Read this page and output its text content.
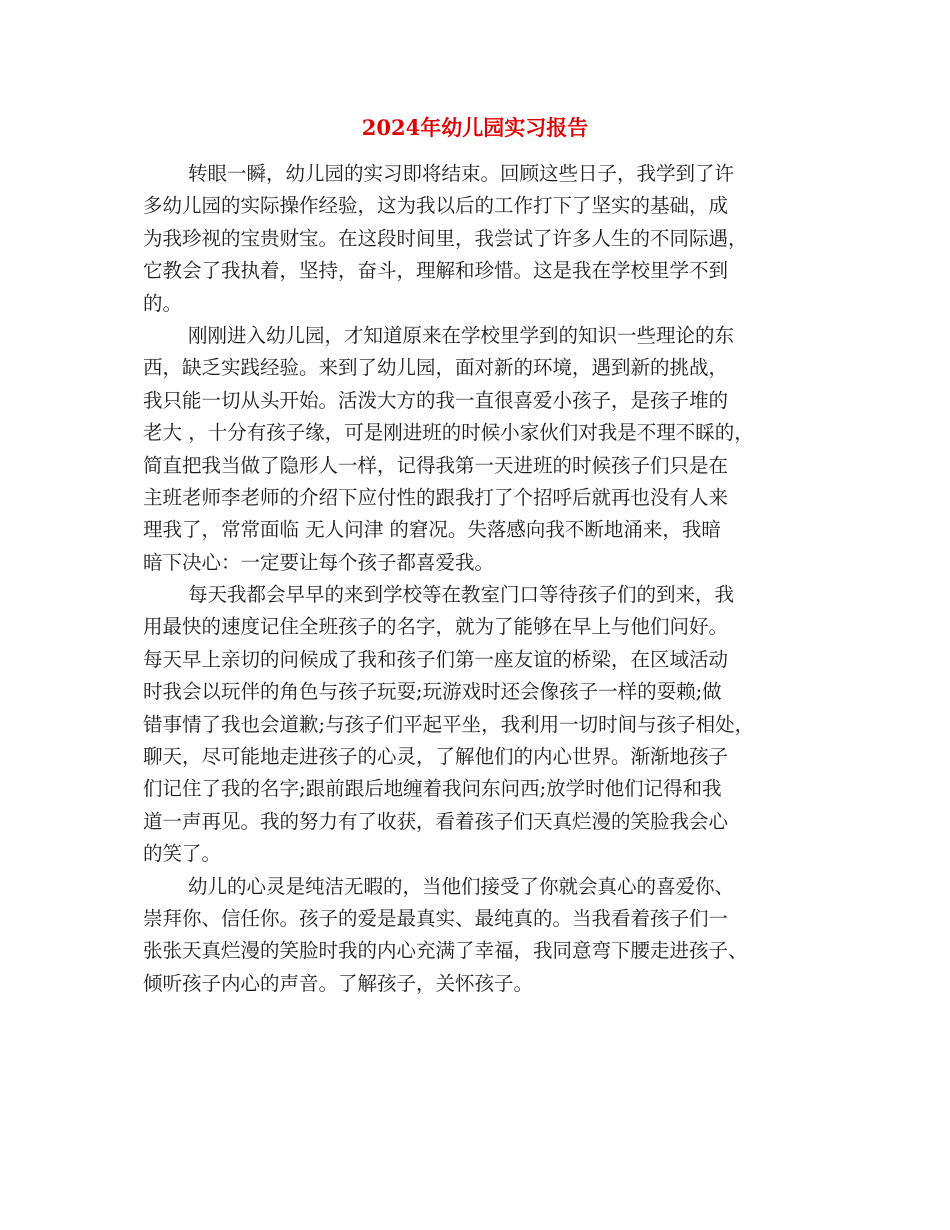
2024年幼儿园实习报告
转眼一瞬，幼儿园的实习即将结束。回顾这些日子，我学到了许
多幼儿园的实际操作经验，这为我以后的工作打下了坚实的基础，成
为我珍视的宝贵财宝。在这段时间里，我尝试了许多人生的不同际遇，
它教会了我执着，坚持，奋斗，理解和珍惜。这是我在学校里学不到
的。
刚刚进入幼儿园，才知道原来在学校里学到的知识一些理论的东
西，缺乏实践经验。来到了幼儿园，面对新的环境，遇到新的挑战，
我只能一切从头开始。活泼大方的我一直很喜爱小孩子，是孩子堆的
老大 ，十分有孩子缘，可是刚进班的时候小家伙们对我是不理不睬的，
简直把我当做了隐形人一样，记得我第一天进班的时候孩子们只是在
主班老师李老师的介绍下应付性的跟我打了个招呼后就再也没有人来
理我了，常常面临 无人问津 的窘况。失落感向我不断地涌来，我暗
暗下决心：一定要让每个孩子都喜爱我。
每天我都会早早的来到学校等在教室门口等待孩子们的到来，我
用最快的速度记住全班孩子的名字，就为了能够在早上与他们问好。
每天早上亲切的问候成了我和孩子们第一座友谊的桥梁，在区域活动
时我会以玩伴的角色与孩子玩耍;玩游戏时还会像孩子一样的耍赖;做
错事情了我也会道歉;与孩子们平起平坐，我利用一切时间与孩子相处，
聊天，尽可能地走进孩子的心灵，了解他们的内心世界。渐渐地孩子
们记住了我的名字;跟前跟后地缠着我问东问西;放学时他们记得和我
道一声再见。我的努力有了收获，看着孩子们天真烂漫的笑脸我会心
的笑了。
幼儿的心灵是纯洁无暇的，当他们接受了你就会真心的喜爱你、
崇拜你、信任你。孩子的爱是最真实、最纯真的。当我看着孩子们一
张张天真烂漫的笑脸时我的内心充满了幸福，我同意弯下腰走进孩子、
倾听孩子内心的声音。了解孩子，关怀孩子。
